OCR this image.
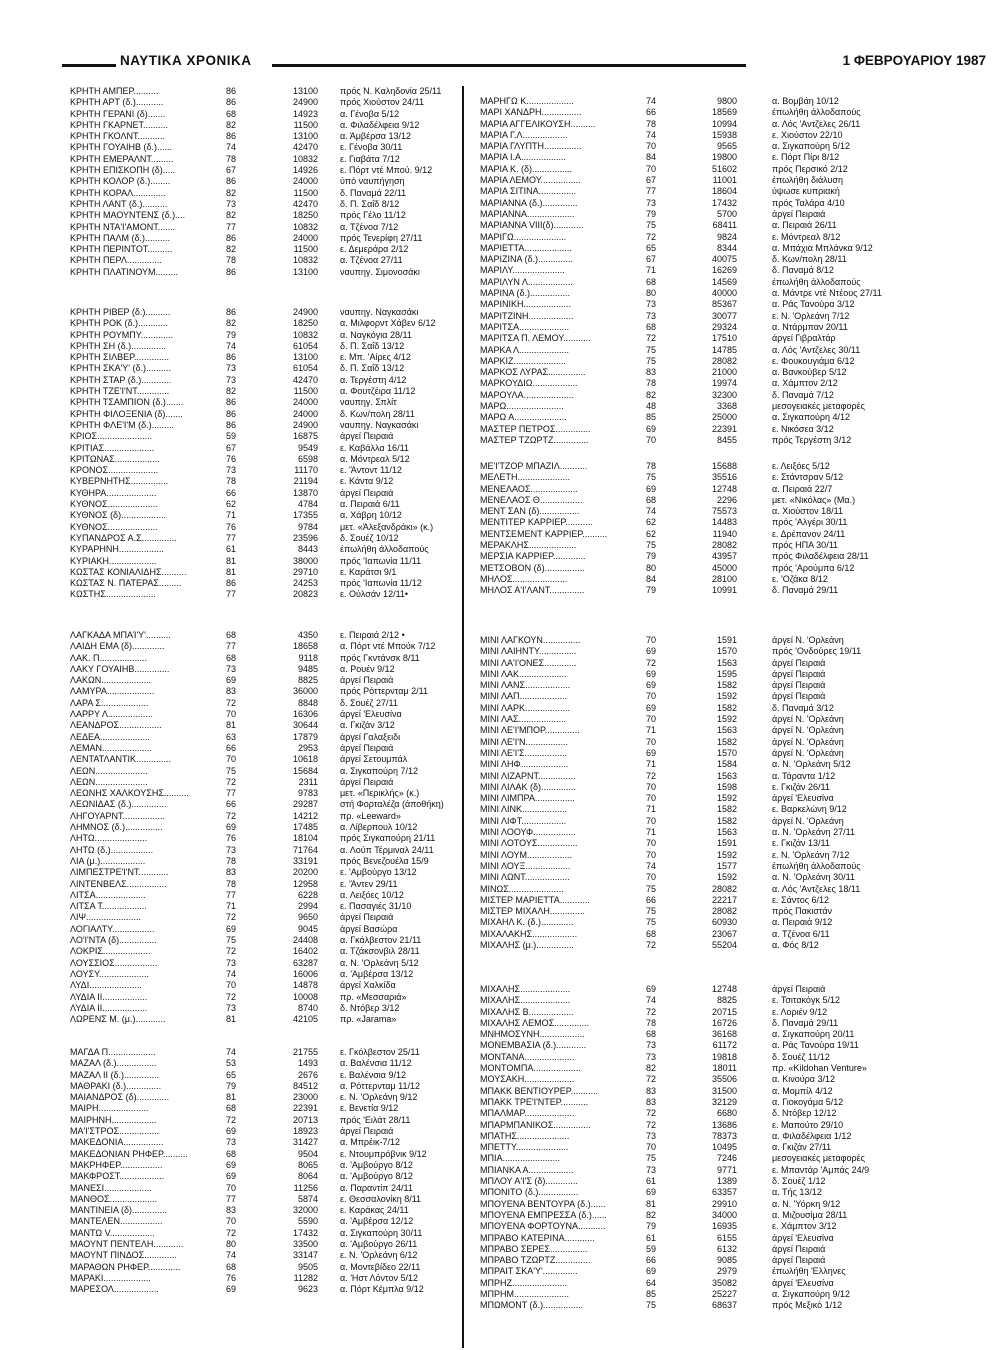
ΝΑΥΤΙΚΑ ΧΡΟΝΙΚΑ	1 ΦΕΒΡΟΥΑΡΙΟΥ 1987
ΚΡΗΤΗ ΑΜΠΕΡ..........	86	13100 πρός Ν. Καληδονία 25/11
ΚΡΗΤΗ ΑΡΤ (δ.)...........	86	24900 πρός Χιούστον 24/11
ΚΡΗΤΗ ΓΕΡΑΝΙ (δ).......	68	14923 α. Γένοβα 5/12
ΚΡΗΤΗ ΓΚΑΡΝΕΤ..........	82	11500 α. Φιλαδέλφεια 9/12
ΚΡΗΤΗ ΓΚΟΛΝΤ...........	86	13100 α. Άμβέρσα 13/12
ΚΡΗΤΗ ΓΟΥΑΙΗΒ (δ.)......	74	42470 ε. Γένοβα 30/11
ΚΡΗΤΗ ΕΜΕΡΑΛΝΤ.........	78	10832 ε. Γιαβάτα 7/12
ΚΡΗΤΗ ΕΠΙΣΚΟΠΗ (δ).....	67	14926 ε. Πόρτ ντέ Μπού. 9/12
ΚΡΗΤΗ ΚΟΛΟΡ (δ.)........	86	24000 ύπό ναυπήγηση
ΚΡΗΤΗ ΚΟΡΑΛ.............	82	11500 δ. Παναμά 22/11
ΚΡΗΤΗ ΛΑΝΤ (δ.)..........	73	42470 δ. Π. Σαΐδ 8/12
ΚΡΗΤΗ ΜΑΟΥΝΤΕΝΣ (δ.)....	82	18250 πρός Γέλο 11/12
ΚΡΗΤΗ ΝΤΑ'Ι'ΑΜΟΝΤ.......	77	10832 α. Τζένοα 7/12
ΚΡΗΤΗ ΠΑΛΜ (δ.)..........	86	24000 πρός Τενερίφη 27/11
ΚΡΗΤΗ ΠΕΡΙΝΤΟΤ..........	82	11500 ε. Δεμεράρα 2/12
ΚΡΗΤΗ ΠΕΡΛ..............	78	10832 α. Τζένοα 27/11
ΚΡΗΤΗ ΠΛΑΤΙΝΟΥΜ.........	86	13100 ναυπηγ. Σιμονοσάκι
ΚΡΗΤΗ ΡΙΒΕΡ (δ.)..........	86	24900 ναυπηγ. Ναγκασάκι
ΚΡΗΤΗ ΡΟΚ (δ.)............	82	18250 α. Μιλφορντ Χάβεν 6/12
ΚΡΗΤΗ ΡΟΥΜΠΥ.............	79	10832 α. Ναγκόγια 28/11
ΚΡΗΤΗ ΣΗ (δ.)..............	74	61054 δ. Π. Σαΐδ 13/12
ΚΡΗΤΗ ΣΙΛΒΕΡ..............	86	13100 ε. Μπ. 'Αίρες 4/12
ΚΡΗΤΗ ΣΚΑ'Υ' (δ.)..........	73	61054 δ. Π. Σαΐδ 13/12
ΚΡΗΤΗ ΣΤΑΡ (δ.)............	73	42470 α. Τεργέστη 4/12
ΚΡΗΤΗ ΤΖΕ'Ι'ΝΤ.............	82	11500 α. Φουτζέιρα 11/12
ΚΡΗΤΗ ΤΣΑΜΠΙΟΝ (δ.).......	86	24000 ναυπηγ. Σπλίτ
ΚΡΗΤΗ ΦΙΛΟΞΕΝΙΑ (δ).......	86	24000 δ. Κων/πολη 28/11
ΚΡΗΤΗ ΦΛΕ'Ι'Μ (δ.).........	86	24900 ναυπηγ. Ναγκασάκι
ΚΡΙΟΣ......................	59	16875 άργεί Πειραιά
ΚΡΙΤΙΑΣ....................	67	9549 ε. Καβάλλα 16/11
ΚΡΙΤΩΝΑΣ..................	76	6598 α. Μόντρεαλ 5/12
ΚΡΟΝΟΣ....................	73	11170 ε. 'Άντοντ 11/12
ΚΥΒΕΡΝΗΤΗΣ...............	78	21194 ε. Κάντα 9/12
ΚΥΘΗΡΑ....................	66	13870 άργεί Πειραιά
ΚΥΘΝΟΣ....................	62	4784 α. Πειραιά 6/11
ΚΥΘΝΟΣ (δ)..................	71	17355 α. Χάβρη 10/12
ΚΥΘΝΟΣ....................	76	9784 μετ. «Άλεξανδράκι» (κ.)
ΚΥΠΑΝΔΡΟΣ Α.Σ..............	77	23596 δ. Σουέζ 10/12
ΚΥΡΑΡΗΝΗ..................	61	8443 έπωλήθη άλλοδαπούς
ΚΥΡΙΑΚΗ...................	81	38000 πρός 'Ιαπωνία 11/11
ΚΩΣΤΑΣ ΚΟΝΙΑΛΙΔΗΣ..........	81	29710 ε. Καράτσι 9/1
ΚΩΣΤΑΣ Ν. ΠΑΤΕΡΑΣ.........	86	24253 πρός 'Ιαπωνία 11/12
ΚΩΣΤΗΣ....................	77	20823 ε. Ούλσάν 12/11•
ΛΑΓΚΑΔΑ ΜΠΑΊ'Υ'..........	68	4350 ε. Πειραιά 2/12 •
ΛΑΙΔΗ ΕΜΑ (δ).............	77	18658 α. Πόρτ ντέ Μπούκ 7/12
ΛΑΚ. Π...................	68	9118 πρός Γκντάνσκ 8/11
ΛΑΚΥ ΓΟΥΑΙΗΒ..............	73	9485 α. Ρουέν 9/12
ΛΑΚΩΝ....................	69	8825 άργεί Πειραιά
ΛΑΜΥΡΑ...................	83	36000 πρός Ρόττερνταμ 2/11
ΛΑΡΑ Σ...................	72	8848 δ. Σουέζ 27/11
ΛΑΡΡΥ Λ..................	70	16306 άργεί 'Ελευσίνα
ΛΕΑΝΔΡΟΣ.................	81	30644 α. Γκιζάν 3/12
ΛΕΔΕΑ....................	63	17879 άργεί Γαλαξειδι
ΛΕΜΑΝ....................	66	2953 άργεί Πειραιά
ΛΕΝΤΑΤΛΑΝΤΙΚ..............	70	10618 άργεί Σετουμπάλ
ΛΕΩΝ.....................	75	15684 α. Σιγκαπούρη 7/12
ΛΕΩΝ.....................	72	2311 άργεί Πειραιά
ΛΕΩΝΗΣ ΧΑΛΚΟΥΣΗΣ..........	77	9783 μετ. «Περικλής» (κ.)
ΛΕΩΝΙΔΑΣ (δ.)..............	66	29287 στή Φορταλέζα (άποθήκη)
ΛΗΓΟΥΑΡΝΤ.................	72	14212 πρ. «Leeward»
ΛΗΜΝΟΣ (δ.)...............	69	17485 α. Λίβερπουλ 10/12
ΛΗΤΩ.....................	76	18104 πρός Σιγκαπούρη 21/11
ΛΗΤΩ (δ.).................	73	71764 α. Λούπ Τέρμιναλ 24/11
ΛΙΑ (μ.)..................	78	33191 πρός Βενεζουέλα 15/9
ΛΙΜΠΕΣΤΡΕ'Ι'ΝΤ............	83	20200 ε. 'Αμβούργο 13/12
ΛΙΝΤΕΝΒΕΛΣ................	78	12958 ε. 'Άντεν 29/11
ΛΙΤΣΑ....................	77	6228 α. Λειξόες 10/12
ΛΙΤΣΑ Τ..................	71	2994 ε. Πασαγιές 31/10
ΛΙΨ......................	72	9650 άργεί Πειραιά
ΛΟΓΙΑΛΤΥ.................	69	9045 άργεί Βασώρα
ΛΟ'Ι'ΝΤΑ (δ)...............	75	24408 α. Γκάλβεστον 21/11
ΛΟΚΡΙΣ...................	72	16402 α. Τζάκσονβιλ 28/11
ΛΟΥΣΣΙΟΣ.................	73	63287 α. Ν. 'Ορλεάνη 5/12
ΛΟΥΣΥ....................	74	16006 α. 'Αμβέρσα 13/12
ΛΥΔΙ.....................	70	14878 άργεί Χαλκίδα
ΛΥΔΙΑ ΙΙ..................	72	10008 πρ. «Μεσσαριά»
ΛΥΔΙΑ ΙΙ..................	73	8740 δ. Ντόβερ 3/12
ΛΩΡΕΝΣ Μ. (μ.)............	81	42105 πρ. «Jarama»
ΜΑΓΔΑ Π...................	74	21755 ε. Γκόλβεστον 25/11
ΜΑΖΑΛ (δ.)................	53	1493 α. Βαλένσια 11/12
ΜΑΖΑΛ ΙΙ (δ.)..............	65	2676 ε. Βαλένσια 9/12
ΜΑΘΡΑΚΙ (δ.)..............	79	84512 α. Ρόττερνταμ 11/12
ΜΑΙΑΝΔΡΟΣ (δ).............	81	23000 ε. Ν. 'Ορλεάνη 9/12
ΜΑΙΡΗ....................	68	22391 ε. Βενετία 9/12
ΜΑΙΡΗΝΗ..................	72	20713 πρός 'Ειλάτ 28/11
ΜΑ'Ι'ΣΤΡΟΣ................	69	18923 άργεί Πειραιά
ΜΑΚΕΔΟΝΙΑ................	73	31427 α. Μπρέικ-7/12
ΜΑΚΕΔΟΝΙΑΝ ΡΗΦΕΡ..........	68	9504 ε. Ντουμπρόβνικ 9/12
ΜΑΚΡΗΦΕΡ.................	69	8065 α. 'Αμβούργο 8/12
ΜΑΚΦΡΟΣΤ..................	69	8064 α. 'Αμβούργο 8/12
ΜΑΝΕΣΙ...................	70	11256 α. Παραντίπ 24/11
ΜΑΝΘΟΣ...................	77	5874 ε. Θεσσαλονίκη 8/11
ΜΑΝΤΙΝΕΙΑ (δ)..............	83	32000 ε. Καράκας 24/11
ΜΑΝΤΕΛΕΝ.................	70	5590 α. 'Αμβέρσα 12/12
ΜΑΝΤΩ V..................	72	17432 α. Σιγκαπούρη 30/11
ΜΑΟΥΝΤ ΠΕΝΤΕΛΗ............	80	33500 α. 'Αμβούργο 26/11
ΜΑΟΥΝΤ ΠΙΝΔΟΣ.............	74	33147 ε. Ν. 'Ορλεάνη 6/12
ΜΑΡΑΘΩΝ ΡΗΦΕΡ.............	68	9505 α. Μοντεβίδεο 22/11
ΜΑΡΑΚΙ...................	76	11282 α. 'Ηστ Λόντον 5/12
ΜΑΡΕΣΟΛ..................	69	9623 α. Πόρτ Κέμπλα 9/12
ΜΑΡΗΓΩ Κ...................	74	9800	α. Βομβάη 10/12
ΜΑΡΙ ΧΑΝΔΡΗ................	66	18569	έπωλήθη άλλοδαπούς
ΜΑΡΙΑ ΑΓΓΕΛΙΚΟΥΣΗ..........	78	10994	α. Λός 'Αντζελες 26/11
ΜΑΡΙΑ Γ.Λ..................	74	15938	ε. Χιούστον 22/10
ΜΑΡΙΑ ΓΛΥΠΤΗ...............	70	9565	α. Σιγκαπούρη 5/12
ΜΑΡΙΑ Ι.Α..................	84	19800	ε. Πόρτ Πίρι 8/12
ΜΑΡΙΑ Κ. (δ)................	70	51602	πρός Περσικό 2/12
ΜΑΡΙΑ ΛΕΜΟΥ................	67	11001	έπωλήθη διάλυση
ΜΑΡΙΑ ΣΙΤΙΝΑ...............	77	18604	ύψωσε κυπριακή
ΜΑΡΙΑΝΝΑ (δ.)..............	73	17432	πρός Ταλάρα 4/10
ΜΑΡΙΑΝΝΑ...................	79	5700	άργεί Πειραιά
ΜΑΡΙΑΝΝΑ VIII(δ)............	75	68411	α. Πειραιά 26/11
ΜΑΡΙΓΩ.....................	72	9824	ε. Μόντρεαλ 8/12
ΜΑΡΙΕΤΤΑ...................	65	8344	α. Μπάχια Μπλάνκα 9/12
ΜΑΡΙΖΙΝΑ (δ.)..............	67	40075	δ. Κων/πολη 28/11
ΜΑΡΙΛΥ.....................	71	16269	δ. Παναμά 8/12
ΜΑΡΙΛΥΝ Λ..................	68	14569	έπωλήθη άλλοδαπούς
ΜΑΡΙΝΑ (δ.)................	80	40000	α. Μάντρε ντέ Ντέους 27/11
ΜΑΡΙΝΙΚΗ...................	73	85367	α. Ράς Τανούρα 3/12
ΜΑΡΙΤΖΙΝΗ..................	73	30077	ε. Ν. 'Ορλεάνη 7/12
ΜΑΡΙΤΣΑ....................	68	29324	α. Ντάρμπαν 20/11
ΜΑΡΙΤΣΑ Π. ΛΕΜΟΥ...........	72	17510	άργεί Γιβραλτάρ
ΜΑΡΚΑ Λ....................	75	14785	α. Λός 'Αντζελες 30/11
ΜΑΡΚΙΖ.....................	75	28082	ε. Φουκουγιάμα 6/12
ΜΑΡΚΟΣ ΛΥΡΑΣ...............	83	21000	α. Βανκούβερ 5/12
ΜΑΡΚΟΥΔΙΩ..................	78	19974	α. Χάμπτον 2/12
ΜΑΡΟΥΛΑ....................	82	32300	δ. Παναμά 7/12
ΜΑΡΩ.......................	48	3368	μεσογειακές μεταφορές
ΜΑΡΩ Α.....................	85	25000	α. Σιγκαπούρη 4/12
ΜΑΣΤΕΡ ΠΕΤΡΟΣ..............	69	22391	ε. Νικόσεα 3/12
ΜΑΣΤΕΡ ΤΖΩΡΤΖ..............	70	8455	πρός Τεργέστη 3/12
ΜΕ'Ι'ΤΖΟΡ ΜΠΑΖΙΛ...........	78	15688	ε. Λειξόες 5/12
ΜΕΛΕΤΗ.....................	75	35516	ε. Στάντσραν 5/12
ΜΕΝΕΛΑΟΣ...................	69	12748	α. Πειραιά 22/7
ΜΕΝΕΛΑΟΣ Θ.................	68	2296	μετ. «Νικόλας» (Μα.)
ΜΕΝΤ ΣΑΝ (δ)................	74	75573	α. Χιούστον 18/11
ΜΕΝΤΙΤΕΡ ΚΑΡΡΙΕΡ...........	62	14483	πρός 'Αλγέρι 30/11
ΜΕΝΤΣΕΜΕΝΤ ΚΑΡΡΙΕΡ..........	62	11940	ε. Δρέπανον 24/11
ΜΕΡΑΚΛΗΣ...................	75	28082	πρός ΗΠΑ 30/11
ΜΕΡΣΙΑ ΚΑΡΡΙΕΡ.............	79	43957	πρός Φιλαδέλφεια 28/11
ΜΕΤΣΟΒΟΝ (δ)................	80	45000	πρός 'Αρούμπα 6/12
ΜΗΛΟΣ......................	84	28100	ε. 'Οζάκα 8/12
ΜΗΛΟΣ Α'Ι'ΛΑΝΤ..............	79	10991	δ. Παναμά 29/11
ΜΙΝΙ ΛΑΓΚΟΥΝ...............	70	1591	άργεί Ν. 'Ορλεάνη
ΜΙΝΙ ΛΑΙΗΝΤΥ...............	69	1570	πρός 'Ονδούρες 19/11
ΜΙΝΙ ΛΑ'Ι'ΟΝΕΣ.............	72	1563	άργεί Πειραιά
ΜΙΝΙ ΛΑΚ...................	69	1595	άργεί Πειραιά
ΜΙΝΙ ΛΑΝΣ..................	69	1582	άργεί Πειραιά
ΜΙΝΙ ΛΑΠ...................	70	1592	άργεί Πειραιά
ΜΙΝΙ ΛΑΡΚ..................	69	1582	δ. Παναμά 3/12
ΜΙΝΙ ΛΑΣ...................	70	1592	άργεί Ν. 'Ορλεάνη
ΜΙΝΙ ΛΕ'Ι'ΜΠΟΡ..............	71	1563	άργεί Ν. 'Ορλεάνη
ΜΙΝΙ ΛΕ'Ι'Ν.................	70	1582	άργεί Ν. 'Ορλεάνη
ΜΙΝΙ ΛΕ'Ι'Σ.................	69	1570	άργεί Ν. 'Ορλεάνη
ΜΙΝΙ ΛΗΦ...................	71	1584	α. Ν. 'Ορλεάνη 5/12
ΜΙΝΙ ΛΙΖΑΡΝΤ...............	72	1563	α. Τάραντα 1/12
ΜΙΝΙ ΛΙΛΑΚ (δ)..............	70	1598	ε. Γκιζάν 26/11
ΜΙΝΙ ΛΙΜΠΡΑ................	70	1592	άργεί 'Ελευσίνα
ΜΙΝΙ ΛΙΝΚ..................	71	1582	ε. Βαρκελώνη 9/12
ΜΙΝΙ ΛΙΦΤ..................	70	1582	άργεί Ν. 'Ορλεάνη
ΜΙΝΙ ΛΟΟΥΦ.................	71	1563	α. Ν. 'Ορλεάνη 27/11
ΜΙΝΙ ΛΟΤΟΥΣ................	70	1591	ε. Γκιζάν 13/11
ΜΙΝΙ ΛΟΥΜ..................	70	1592	ε. Ν. 'Ορλεάνη 7/12
ΜΙΝΙ ΛΟΥΞ..................	74	1577	έπωλήθη άλλοδαπούς
ΜΙΝΙ ΛΩΝΤ..................	70	1592	α. Ν. 'Ορλεάνη 30/11
ΜΙΝΩΣ......................	75	28082	α. Λός 'Αντζελες 18/11
ΜΙΣΤΕΡ ΜΑΡΙΕΤΤΑ............	66	22217	ε. Σάντος 6/12
ΜΙΣΤΕΡ ΜΙΧΑΛΗ..............	75	28082	πρός Πακιστάν
ΜΙΧΑΗΛ Κ. (δ.).............	75	60930	α. Πειραιά 9/12
ΜΙΧΑΛΑΚΗΣ..................	68	23067	α. Τζένοα 6/11
ΜΙΧΑΛΗΣ (μ.)...............	72	55204	α. Φός 8/12
ΜΙΧΑΛΗΣ....................	69	12748	άργεί Πειραιά
ΜΙΧΑΛΗΣ....................	74	8825	ε. Τσιτακόγκ 5/12
ΜΙΧΑΛΗΣ Β..................	72	20715	ε. Λοριέν 9/12
ΜΙΧΑΛΗΣ ΛΕΜΟΣ..............	78	16726	δ. Παναμά 29/11
ΜΝΗΜΟΣΥΝΗ..................	68	36168	α. Σιγκαπούρη 20/11
ΜΟΝΕΜΒΑΣΙΑ (δ.)............	73	61172	α. Ράς Τανούρα 19/11
ΜΟΝΤΑΝΑ....................	73	19818	δ. Σουέζ 11/12
ΜΟΝΤΟΜΠΑ...................	82	18011	πρ. «Kildohan Venture»
ΜΟΥΣΑΚΗ....................	72	35506	α. Κινούρα 3/12
ΜΠΑΚΚ ΒΕΝΤΙΟΥΡΕΡ...........	83	31500	α. Μομπίλ 4/12
ΜΠΑΚΚ ΤΡΕ'Ι'ΝΤΕΡ...........	83	32129	α. Γιοκογάμα 5/12
ΜΠΑΛΜΑΡ....................	72	6680	δ. Ντόβερ 12/12
ΜΠΑΡΜΠΑΝΙΚΟΣ...............	72	13686	ε. Μαπούτο 29/10
ΜΠΑΤΗΣ.....................	73	78373	α. Φιλαδέλφεια 1/12
ΜΠΕΤΤΥ.....................	70	10495	α. Γκιζάν 27/11
ΜΠΙΑ.......................	75	7246	μεσογειακές μεταφορές
ΜΠΙΑΝΚΑ Α..................	73	9771	ε. Μπαντάρ 'Αμπάς 24/9
ΜΠΛΟΥ Α'Ι'Σ (δ).............	61	1389	δ. Σουέζ 1/12
ΜΠΟΝΙΤΟ (δ.)................	69	63357	α. Τής 13/12
ΜΠΟΥΕΝΑ ΒΕΝΤΟΥΡΑ (δ.)......	81	29910	α. Ν. 'Υόρκη 9/12
ΜΠΟΥΕΝΑ ΕΜΠΡΕΣΣΑ (δ.)......	82	34000	α. Μιζουσίμα 28/11
ΜΠΟΥΕΝΑ ΦΟΡΤΟΥΝΑ...........	79	16935	ε. Χάμπτον 3/12
ΜΠΡΑΒΟ ΚΑΤΕΡΙΝΑ............	61	6155	άργεί 'Ελευσίνα
ΜΠΡΑΒΟ ΣΕΡΕΣ...............	59	6132	άργεί Πειραιά
ΜΠΡΑΒΟ ΤΖΩΡΤΖ..............	66	9085	άργεί Πειραιά
ΜΠΡΑΙΤ ΣΚΑ'Υ'..............	69	2979	έπωλήθη 'Ελληνες
ΜΠΡΗΖ......................	64	35082	άργεί 'Ελευσίνα
ΜΠΡΗΜ......................	85	25227	α. Σιγκαπούρη 9/12
ΜΠΩΜΟΝΤ (δ.)................	75	68637	πρός Μεξικό 1/12
